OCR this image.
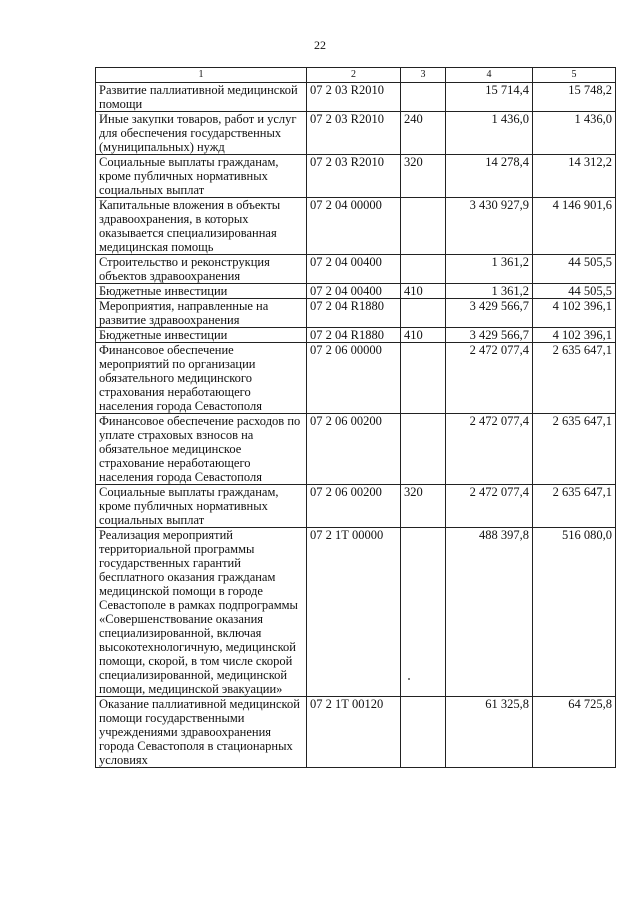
22
1	2	3	4	5
Развитие паллиативной медицинской помощи	07 2 03 R2010		15 714,4	15 748,2
Иные закупки товаров, работ и услуг для обеспечения государственных (муниципальных) нужд	07 2 03 R2010	240	1 436,0	1 436,0
Социальные выплаты гражданам, кроме публичных нормативных социальных выплат	07 2 03 R2010	320	14 278,4	14 312,2
Капитальные вложения в объекты здравоохранения, в которых оказывается специализированная медицинская помощь	07 2 04 00000		3 430 927,9	4 146 901,6
Строительство и реконструкция объектов здравоохранения	07 2 04 00400		1 361,2	44 505,5
Бюджетные инвестиции	07 2 04 00400	410	1 361,2	44 505,5
Мероприятия, направленные на развитие здравоохранения	07 2 04 R1880		3 429 566,7	4 102 396,1
Бюджетные инвестиции	07 2 04 R1880	410	3 429 566,7	4 102 396,1
Финансовое обеспечение мероприятий по организации обязательного медицинского страхования неработающего населения города Севастополя	07 2 06 00000		2 472 077,4	2 635 647,1
Финансовое обеспечение расходов по уплате страховых взносов на обязательное медицинское страхование неработающего населения города Севастополя	07 2 06 00200		2 472 077,4	2 635 647,1
Социальные выплаты гражданам, кроме публичных нормативных социальных выплат	07 2 06 00200	320	2 472 077,4	2 635 647,1
Реализация мероприятий территориальной программы государственных гарантий бесплатного оказания гражданам медицинской помощи в городе Севастополе в рамках подпрограммы «Совершенствование оказания специализированной, включая высокотехнологичную, медицинской помощи, скорой, в том числе скорой специализированной, медицинской помощи, медицинской эвакуации»	07 2 1Т 00000		488 397,8	516 080,0
Оказание паллиативной медицинской помощи государственными учреждениями здравоохранения города Севастополя в стационарных условиях	07 2 1Т 00120		61 325,8	64 725,8
